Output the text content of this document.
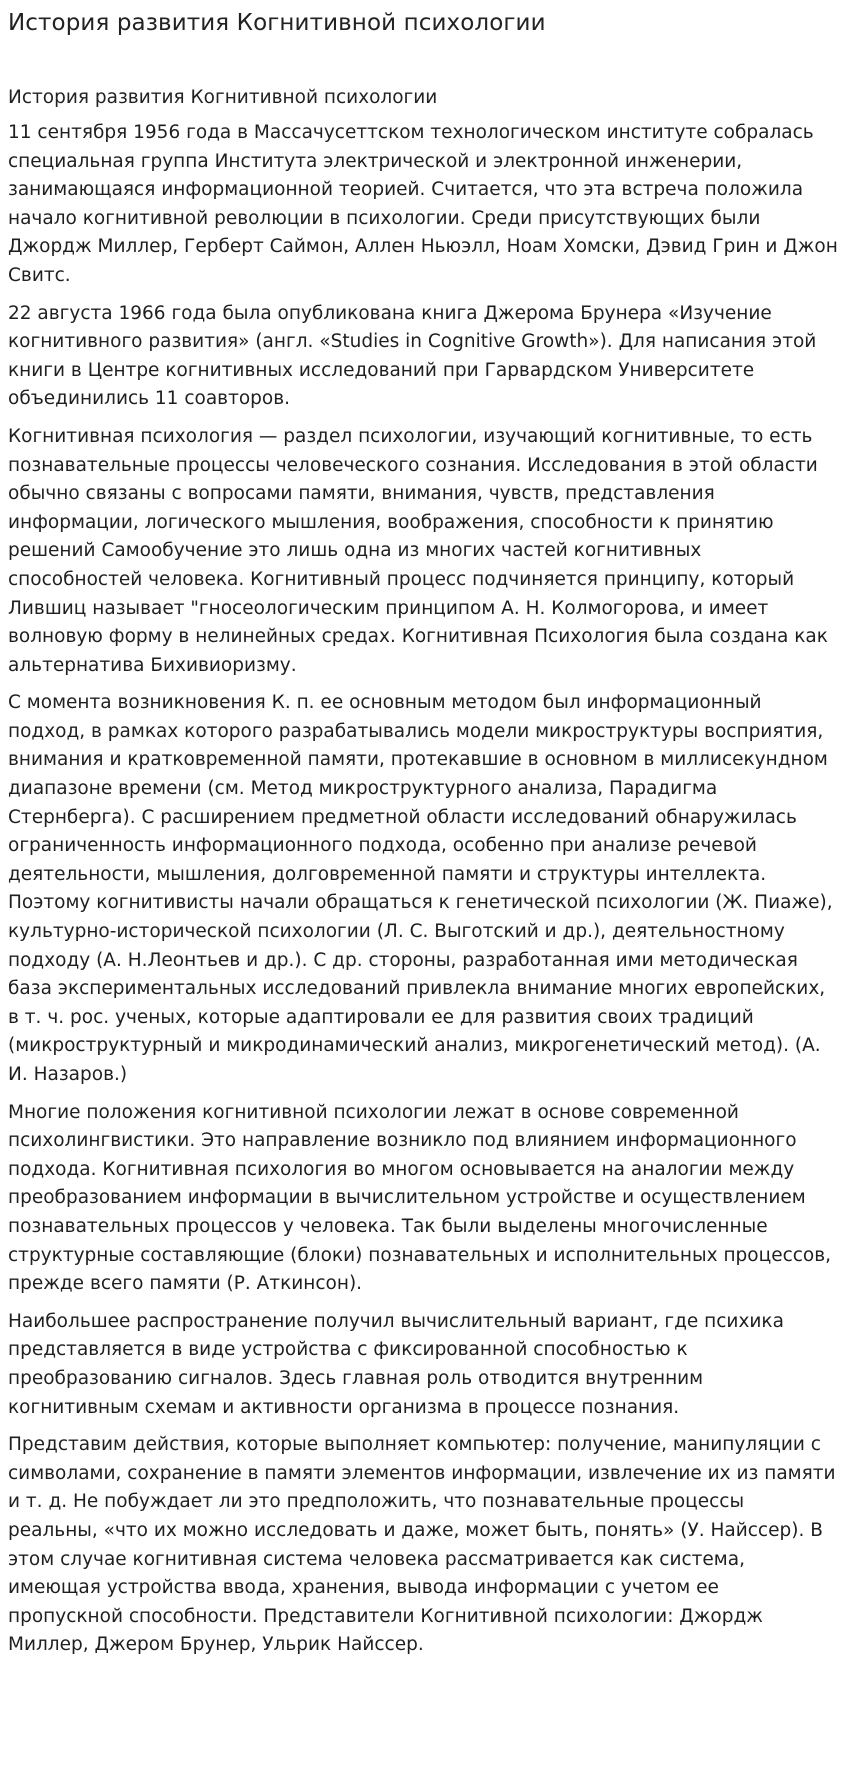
История развития Когнитивной психологии
История развития Когнитивной психологии

11 сентября 1956 года в Массачусеттском технологическом институте собралась специальная группа Института электрической и электронной инженерии, занимающаяся информационной теорией. Считается, что эта встреча положила начало когнитивной революции в психологии. Среди присутствующих были Джордж Миллер, Герберт Саймон, Аллен Ньюэлл, Ноам Хомски, Дэвид Грин и Джон Свитс.

22 августа 1966 года была опубликована книга Джерома Брунера «Изучение когнитивного развития» (англ. «Studies in Cognitive Growth»). Для написания этой книги в Центре когнитивных исследований при Гарвардском Университете объединились 11 соавторов.

Когнитивная психология — раздел психологии, изучающий когнитивные, то есть познавательные процессы человеческого сознания. Исследования в этой области обычно связаны с вопросами памяти, внимания, чувств, представления информации, логического мышления, воображения, способности к принятию решений Самообучение это лишь одна из многих частей когнитивных способностей человека. Когнитивный процесс подчиняется принципу, который Лившиц называет "гносеологическим принципом А. Н. Колмогорова, и имеет волновую форму в нелинейных средах. Когнитивная Психология была создана как альтернатива Бихивиоризму.

С момента возникновения К. п. ее основным методом был информационный подход, в рамках которого разрабатывались модели микроструктуры восприятия, внимания и кратковременной памяти, протекавшие в основном в миллисекундном диапазоне времени (см. Метод микроструктурного анализа, Парадигма Стернберга). С расширением предметной области исследований обнаружилась ограниченность информационного подхода, особенно при анализе речевой деятельности, мышления, долговременной памяти и структуры интеллекта. Поэтому когнитивисты начали обращаться к генетической психологии (Ж. Пиаже), культурно-исторической психологии (Л. С. Выготский и др.), деятельностному подходу (А. Н.Леонтьев и др.). С др. стороны, разработанная ими методическая база экспериментальных исследований привлекла внимание многих европейских, в т. ч. рос. ученых, которые адаптировали ее для развития своих традиций (микроструктурный и микродинамический анализ, микрогенетический метод). (А. И. Назаров.)

Многие положения когнитивной психологии лежат в основе современной психолингвистики. Это направление возникло под влиянием информационного подхода. Когнитивная психология во многом основывается на аналогии между преобразованием информации в вычислительном устройстве и осуществлением познавательных процессов у человека. Так были выделены многочисленные структурные составляющие (блоки) познавательных и исполнительных процессов, прежде всего памяти (Р. Аткинсон).

Наибольшее распространение получил вычислительный вариант, где психика представляется в виде устройства с фиксированной способностью к преобразованию сигналов. Здесь главная роль отводится внутренним когнитивным схемам и активности организма в процессе познания.

Представим действия, которые выполняет компьютер: получение, манипуляции с символами, сохранение в памяти элементов информации, извлечение их из памяти и т. д. Не побуждает ли это предположить, что познавательные процессы реальны, «что их можно исследовать и даже, может быть, понять» (У. Найссер). В этом случае когнитивная система человека рассматривается как система, имеющая устройства ввода, хранения, вывода информации с учетом ее пропускной способности. Представители Когнитивной психологии: Джордж Миллер, Джером Брунер, Ульрик Найссер.
